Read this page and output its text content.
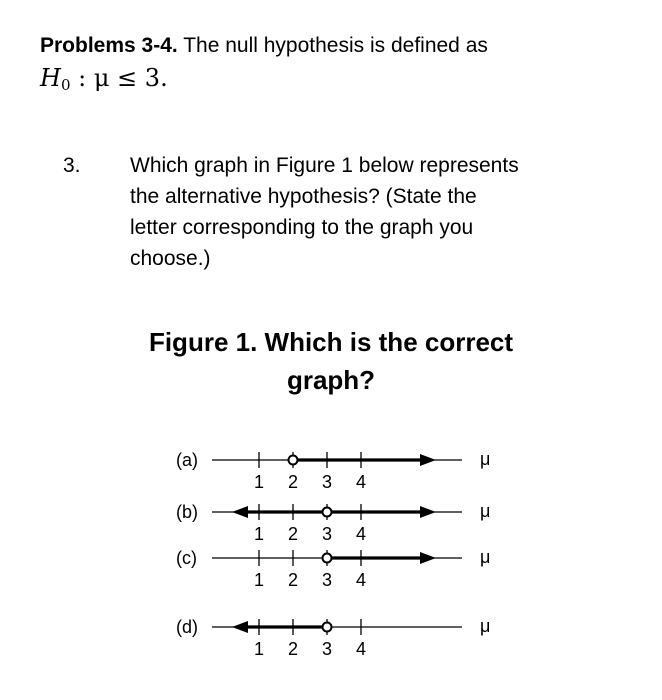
Problems 3-4. The null hypothesis is defined as
$H_0$ : μ ≤ 3.
3. Which graph in Figure 1 below represents
the alternative hypothesis? (State the
letter corresponding to the graph you
choose.)
Figure 1. Which is the correct
graph?
(a)
1 2 3 4
μ
(b)
1 2 3 4
μ
(c)
1 2 3 4
μ
(d)
1 2 3 4
μ
